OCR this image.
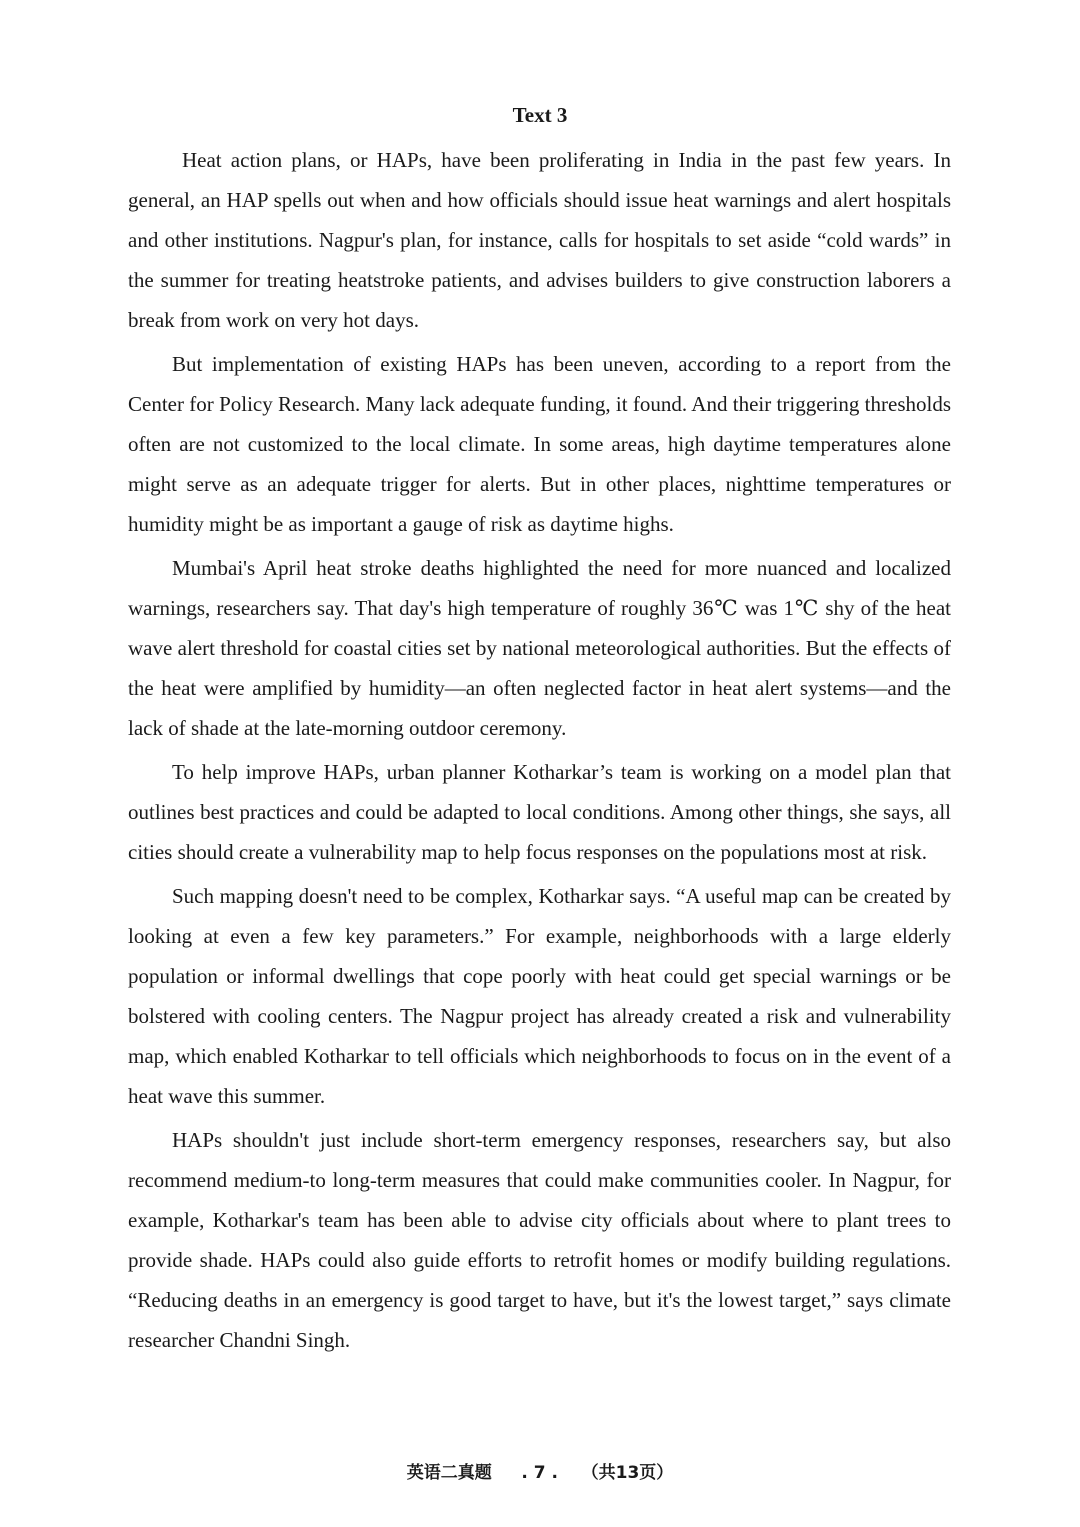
Text 3

Heat action plans, or HAPs, have been proliferating in India in the past few years. In general, an HAP spells out when and how officials should issue heat warnings and alert hospitals and other institutions. Nagpur's plan, for instance, calls for hospitals to set aside “cold wards” in the summer for treating heatstroke patients, and advises builders to give construction laborers a break from work on very hot days.

But implementation of existing HAPs has been uneven, according to a report from the Center for Policy Research. Many lack adequate funding, it found. And their triggering thresholds often are not customized to the local climate. In some areas, high daytime temperatures alone might serve as an adequate trigger for alerts. But in other places, nighttime temperatures or humidity might be as important a gauge of risk as daytime highs.

Mumbai's April heat stroke deaths highlighted the need for more nuanced and localized warnings, researchers say. That day's high temperature of roughly 36℃ was 1℃ shy of the heat wave alert threshold for coastal cities set by national meteorological authorities. But the effects of the heat were amplified by humidity—an often neglected factor in heat alert systems—and the lack of shade at the late-morning outdoor ceremony.

To help improve HAPs, urban planner Kotharkar’s team is working on a model plan that outlines best practices and could be adapted to local conditions. Among other things, she says, all cities should create a vulnerability map to help focus responses on the populations most at risk.

Such mapping doesn't need to be complex, Kotharkar says. “A useful map can be created by looking at even a few key parameters.” For example, neighborhoods with a large elderly population or informal dwellings that cope poorly with heat could get special warnings or be bolstered with cooling centers. The Nagpur project has already created a risk and vulnerability map, which enabled Kotharkar to tell officials which neighborhoods to focus on in the event of a heat wave this summer.

HAPs shouldn't just include short-term emergency responses, researchers say, but also recommend medium-to long-term measures that could make communities cooler. In Nagpur, for example, Kotharkar's team has been able to advise city officials about where to plant trees to provide shade. HAPs could also guide efforts to retrofit homes or modify building regulations. “Reducing deaths in an emergency is good target to have, but it's the lowest target,” says climate researcher Chandni Singh.

英语二真题 . 7 . （共13页）
